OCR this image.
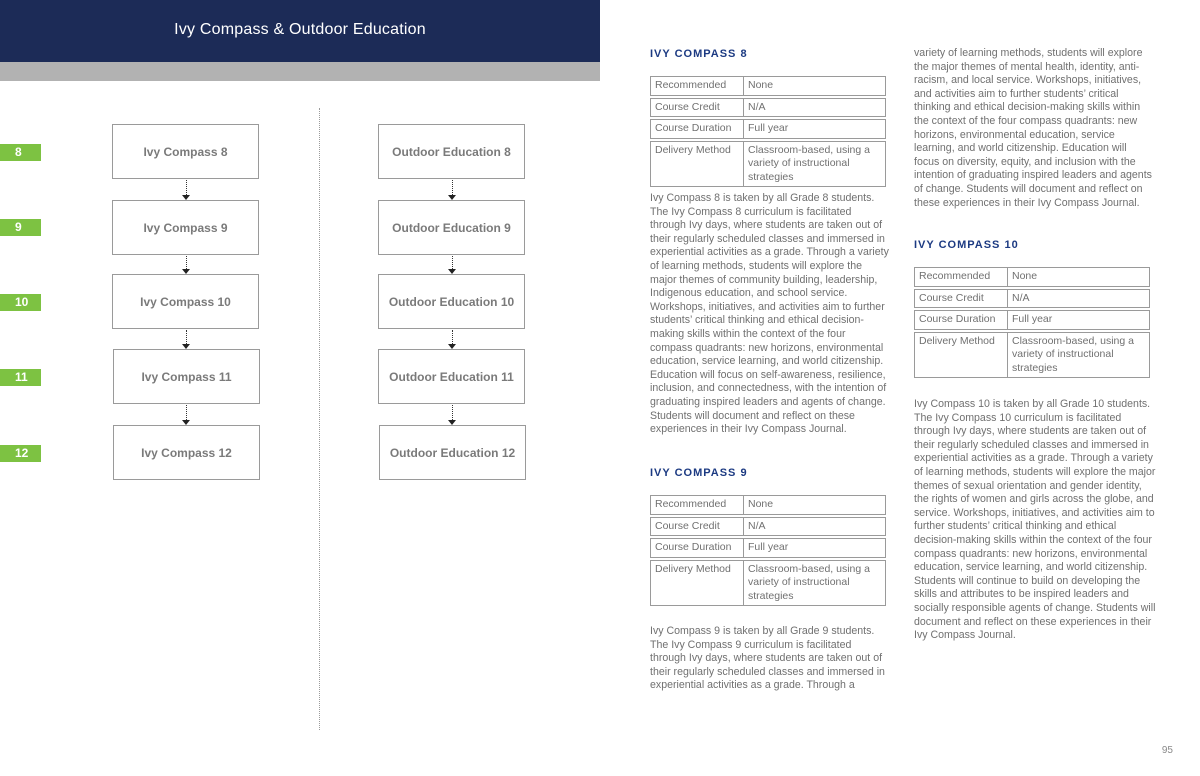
Ivy Compass & Outdoor Education
8
9
10
11
12
Ivy Compass 8
Ivy Compass 9
Ivy Compass 10
Ivy Compass 11
Ivy Compass 12
Outdoor Education 8
Outdoor Education 9
Outdoor Education 10
Outdoor Education 11
Outdoor Education 12
IVY COMPASS 8
Recommended	None
Course Credit	N/A
Course Duration	Full year
Delivery Method	Classroom-based, using a variety of instructional strategies

Ivy Compass 8 is taken by all Grade 8 students. The Ivy Compass 8 curriculum is facilitated through Ivy days, where students are taken out of their regularly scheduled classes and immersed in experiential activities as a grade. Through a variety of learning methods, students will explore the major themes of community building, leadership, Indigenous education, and school service. Workshops, initiatives, and activities aim to further students’ critical thinking and ethical decision-making skills within the context of the four compass quadrants: new horizons, environmental education, service learning, and world citizenship. Education will focus on self-awareness, resilience, inclusion, and connectedness, with the intention of graduating inspired leaders and agents of change. Students will document and reflect on these experiences in their Ivy Compass Journal.

IVY COMPASS 9
Recommended	None
Course Credit	N/A
Course Duration	Full year
Delivery Method	Classroom-based, using a variety of instructional strategies

Ivy Compass 9 is taken by all Grade 9 students. The Ivy Compass 9 curriculum is facilitated through Ivy days, where students are taken out of their regularly scheduled classes and immersed in experiential activities as a grade. Through a

variety of learning methods, students will explore the major themes of mental health, identity, anti-racism, and local service. Workshops, initiatives, and activities aim to further students’ critical thinking and ethical decision-making skills within the context of the four compass quadrants: new horizons, environmental education, service learning, and world citizenship. Education will focus on diversity, equity, and inclusion with the intention of graduating inspired leaders and agents of change. Students will document and reflect on these experiences in their Ivy Compass Journal.

IVY COMPASS 10
Recommended	None
Course Credit	N/A
Course Duration	Full year
Delivery Method	Classroom-based, using a variety of instructional strategies

Ivy Compass 10 is taken by all Grade 10 students. The Ivy Compass 10 curriculum is facilitated through Ivy days, where students are taken out of their regularly scheduled classes and immersed in experiential activities as a grade. Through a variety of learning methods, students will explore the major themes of sexual orientation and gender identity, the rights of women and girls across the globe, and service. Workshops, initiatives, and activities aim to further students’ critical thinking and ethical decision-making skills within the context of the four compass quadrants: new horizons, environmental education, service learning, and world citizenship. Students will continue to build on developing the skills and attributes to be inspired leaders and socially responsible agents of change. Students will document and reflect on these experiences in their Ivy Compass Journal.

95
